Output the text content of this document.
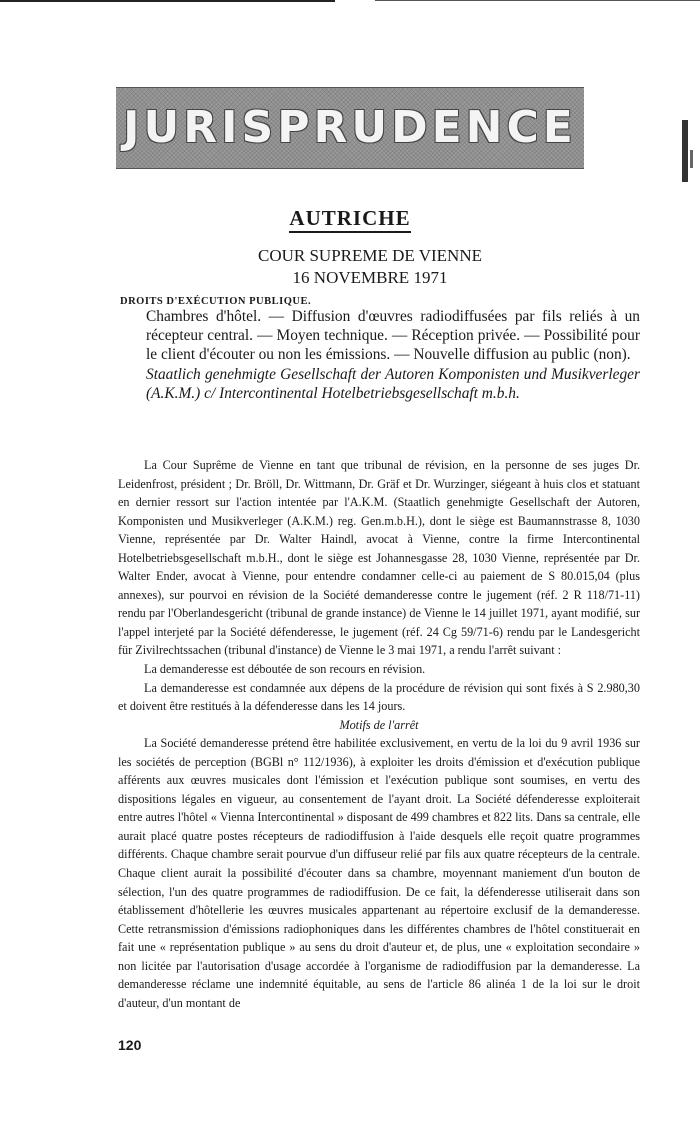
JURISPRUDENCE
AUTRICHE
COUR SUPREME DE VIENNE
16 NOVEMBRE 1971
DROITS D'EXÉCUTION PUBLIQUE.
Chambres d'hôtel. — Diffusion d'œuvres radiodiffusées par fils reliés à un récepteur central. — Moyen technique. — Réception privée. — Possibilité pour le client d'écouter ou non les émissions. — Nouvelle diffusion au public (non).
Staatlich genehmigte Gesellschaft der Autoren Komponisten und Musikverleger (A.K.M.) c/ Intercontinental Hotelbetriebsgesellschaft m.b.h.

La Cour Suprême de Vienne en tant que tribunal de révision, en la personne de ses juges Dr. Leidenfrost, président ; Dr. Bröll, Dr. Wittmann, Dr. Gräf et Dr. Wurzinger, siégeant à huis clos et statuant en dernier ressort sur l'action intentée par l'A.K.M. (Staatlich genehmigte Gesellschaft der Autoren, Komponisten und Musikverleger (A.K.M.) reg. Gen.m.b.H.), dont le siège est Baumannstrasse 8, 1030 Vienne, représentée par Dr. Walter Haindl, avocat à Vienne, contre la firme Intercontinental Hotelbetriebsgesellschaft m.b.H., dont le siège est Johannesgasse 28, 1030 Vienne, représentée par Dr. Walter Ender, avocat à Vienne, pour entendre condamner celle-ci au paiement de S 80.015,04 (plus annexes), sur pourvoi en révision de la Société demanderesse contre le jugement (réf. 2 R 118/71-11) rendu par l'Oberlandesgericht (tribunal de grande instance) de Vienne le 14 juillet 1971, ayant modifié, sur l'appel interjeté par la Société défenderesse, le jugement (réf. 24 Cg 59/71-6) rendu par le Landesgericht für Zivilrechtssachen (tribunal d'instance) de Vienne le 3 mai 1971, a rendu l'arrêt suivant :

La demanderesse est déboutée de son recours en révision.

La demanderesse est condamnée aux dépens de la procédure de révision qui sont fixés à S 2.980,30 et doivent être restitués à la défenderesse dans les 14 jours.

Motifs de l'arrêt

La Société demanderesse prétend être habilitée exclusivement, en vertu de la loi du 9 avril 1936 sur les sociétés de perception (BGBl n° 112/1936), à exploiter les droits d'émission et d'exécution publique afférents aux œuvres musicales dont l'émission et l'exécution publique sont soumises, en vertu des dispositions légales en vigueur, au consentement de l'ayant droit. La Société défenderesse exploiterait entre autres l'hôtel « Vienna Intercontinental » disposant de 499 chambres et 822 lits. Dans sa centrale, elle aurait placé quatre postes récepteurs de radiodiffusion à l'aide desquels elle reçoit quatre programmes différents. Chaque chambre serait pourvue d'un diffuseur relié par fils aux quatre récepteurs de la centrale. Chaque client aurait la possibilité d'écouter dans sa chambre, moyennant maniement d'un bouton de sélection, l'un des quatre programmes de radiodiffusion. De ce fait, la défenderesse utiliserait dans son établissement d'hôtellerie les œuvres musicales appartenant au répertoire exclusif de la demanderesse. Cette retransmission d'émissions radiophoniques dans les différentes chambres de l'hôtel constituerait en fait une « représentation publique » au sens du droit d'auteur et, de plus, une « exploitation secondaire » non licitée par l'autorisation d'usage accordée à l'organisme de radiodiffusion par la demanderesse. La demanderesse réclame une indemnité équitable, au sens de l'article 86 alinéa 1 de la loi sur le droit d'auteur, d'un montant de

120
